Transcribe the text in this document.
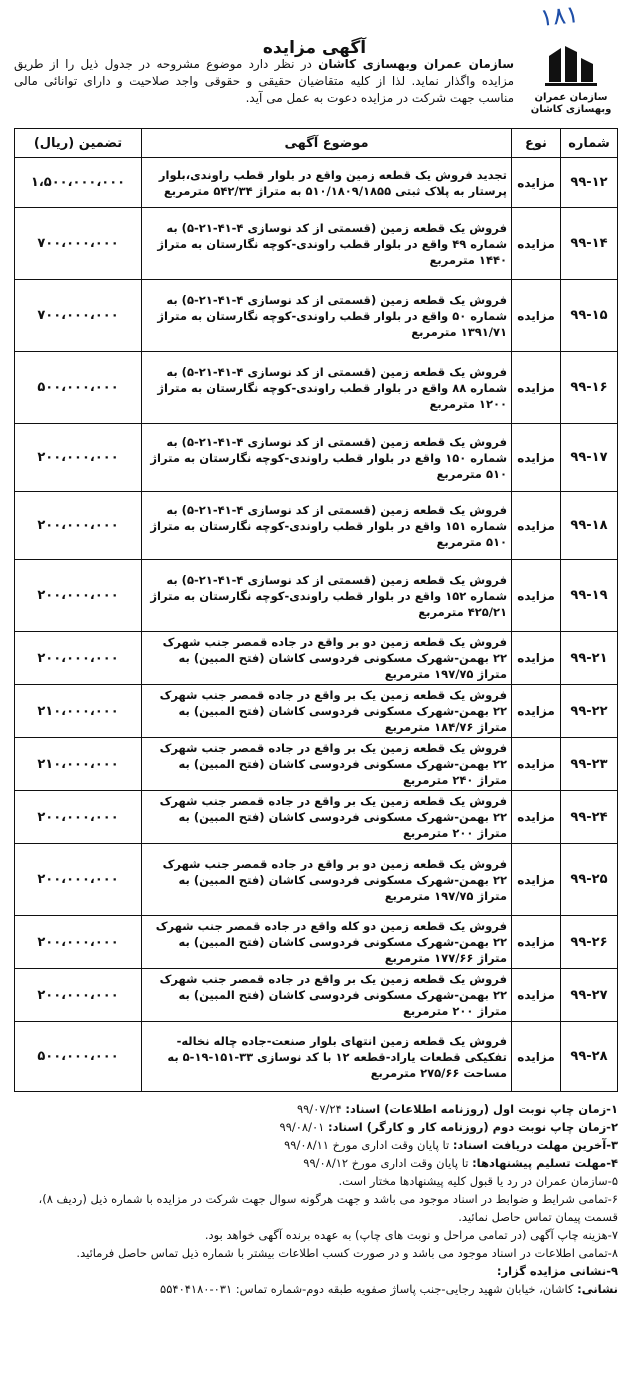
۱۸۱
آگهی مزایده
سازمان عمران
وبهسازی کاشان
سازمان عمران وبهسازی کاشان در نظر دارد موضوع مشروحه در جدول ذیل را از طریق مزایده واگذار نماید. لذا از کلیه متقاضیان حقیقی و حقوقی واجد صلاحیت و دارای توانائی مالی مناسب جهت شرکت در مزایده دعوت به عمل می آید.
شماره	نوع	موضوع آگهی	تضمین (ریال)
۹۹-۱۲	مزایده	تجدید فروش یک قطعه زمین واقع در بلوار قطب راوندی،بلوار پرستار به پلاک ثبتی ۵۱۰/۱۸۰۹/۱۸۵۵ به متراژ ۵۴۲/۳۴ مترمربع	۱،۵۰۰،۰۰۰،۰۰۰
۹۹-۱۴	مزایده	فروش یک قطعه زمین (قسمتی از کد نوسازی ۴-۴۱-۲۱-۵) به شماره ۴۹ واقع در بلوار قطب راوندی-کوچه نگارستان به متراژ ۱۴۴۰ مترمربع	۷۰۰،۰۰۰،۰۰۰
۹۹-۱۵	مزایده	فروش یک قطعه زمین (قسمتی از کد نوسازی ۴-۴۱-۲۱-۵) به شماره ۵۰ واقع در بلوار قطب راوندی-کوچه نگارستان به متراژ ۱۳۹۱/۷۱ مترمربع	۷۰۰،۰۰۰،۰۰۰
۹۹-۱۶	مزایده	فروش یک قطعه زمین (قسمتی از کد نوسازی ۴-۴۱-۲۱-۵) به شماره ۸۸ واقع در بلوار قطب راوندی-کوچه نگارستان به متراژ ۱۲۰۰ مترمربع	۵۰۰،۰۰۰،۰۰۰
۹۹-۱۷	مزایده	فروش یک قطعه زمین (قسمتی از کد نوسازی ۴-۴۱-۲۱-۵) به شماره ۱۵۰ واقع در بلوار قطب راوندی-کوچه نگارستان به متراژ ۵۱۰ مترمربع	۲۰۰،۰۰۰،۰۰۰
۹۹-۱۸	مزایده	فروش یک قطعه زمین (قسمتی از کد نوسازی ۴-۴۱-۲۱-۵) به شماره ۱۵۱ واقع در بلوار قطب راوندی-کوچه نگارستان به متراژ ۵۱۰ مترمربع	۲۰۰،۰۰۰،۰۰۰
۹۹-۱۹	مزایده	فروش یک قطعه زمین (قسمتی از کد نوسازی ۴-۴۱-۲۱-۵) به شماره ۱۵۲ واقع در بلوار قطب راوندی-کوچه نگارستان به متراژ ۴۲۵/۲۱ مترمربع	۲۰۰،۰۰۰،۰۰۰
۹۹-۲۱	مزایده	فروش یک قطعه زمین دو بر واقع در جاده قمصر جنب شهرک ۲۲ بهمن-شهرک مسکونی فردوسی کاشان (فتح المبین) به متراژ ۱۹۷/۷۵ مترمربع	۲۰۰،۰۰۰،۰۰۰
۹۹-۲۲	مزایده	فروش یک قطعه زمین یک بر واقع در جاده قمصر جنب شهرک ۲۲ بهمن-شهرک مسکونی فردوسی کاشان (فتح المبین) به متراژ ۱۸۴/۷۶ مترمربع	۲۱۰،۰۰۰،۰۰۰
۹۹-۲۳	مزایده	فروش یک قطعه زمین یک بر واقع در جاده قمصر جنب شهرک ۲۲ بهمن-شهرک مسکونی فردوسی کاشان (فتح المبین) به متراژ ۲۴۰ مترمربع	۲۱۰،۰۰۰،۰۰۰
۹۹-۲۴	مزایده	فروش یک قطعه زمین یک بر واقع در جاده قمصر جنب شهرک ۲۲ بهمن-شهرک مسکونی فردوسی کاشان (فتح المبین) به متراژ ۲۰۰ مترمربع	۲۰۰،۰۰۰،۰۰۰
۹۹-۲۵	مزایده	فروش یک قطعه زمین دو بر واقع در جاده قمصر جنب شهرک ۲۲ بهمن-شهرک مسکونی فردوسی کاشان (فتح المبین) به متراژ ۱۹۷/۷۵ مترمربع	۲۰۰،۰۰۰،۰۰۰
۹۹-۲۶	مزایده	فروش یک قطعه زمین دو کله واقع در جاده قمصر جنب شهرک ۲۲ بهمن-شهرک مسکونی فردوسی کاشان (فتح المبین) به متراژ ۱۷۷/۶۶ مترمربع	۲۰۰،۰۰۰،۰۰۰
۹۹-۲۷	مزایده	فروش یک قطعه زمین یک بر واقع در جاده قمصر جنب شهرک ۲۲ بهمن-شهرک مسکونی فردوسی کاشان (فتح المبین) به متراژ ۲۰۰ مترمربع	۲۰۰،۰۰۰،۰۰۰
۹۹-۲۸	مزایده	فروش یک قطعه زمین انتهای بلوار صنعت-جاده چاله نخاله-تفکیکی قطعات یاراد-قطعه ۱۲ با کد نوسازی ۳۳-۱۵۱-۱۹-۵ به مساحت ۲۷۵/۶۶ مترمربع	۵۰۰،۰۰۰،۰۰۰
۱-زمان چاپ نوبت اول (روزنامه اطلاعات) اسناد: ۹۹/۰۷/۲۴
۲-زمان چاپ نوبت دوم (روزنامه کار و کارگر) اسناد: ۹۹/۰۸/۰۱
۳-آخرین مهلت دریافت اسناد: تا پایان وقت اداری مورخ ۹۹/۰۸/۱۱
۴-مهلت تسلیم پیشنهادها: تا پایان وقت اداری مورخ ۹۹/۰۸/۱۲
۵-سازمان عمران در رد یا قبول کلیه پیشنهادها مختار است.
۶-تمامی شرایط و ضوابط در اسناد موجود می باشد و جهت هرگونه سوال جهت شرکت در مزایده با شماره ذیل (ردیف ۸)، قسمت پیمان تماس حاصل نمائید.
۷-هزینه چاپ آگهی (در تمامی مراحل و نوبت های چاپ) به عهده برنده آگهی خواهد بود.
۸-تمامی اطلاعات در اسناد موجود می باشد و در صورت کسب اطلاعات بیشتر با شماره ذیل تماس حاصل فرمائید.
۹-نشانی مزایده گزار:
نشانی: کاشان، خیابان شهید رجایی-جنب پاساژ صفویه طبقه دوم-شماره تماس: ۰۳۱-۵۵۴۰۴۱۸۰
